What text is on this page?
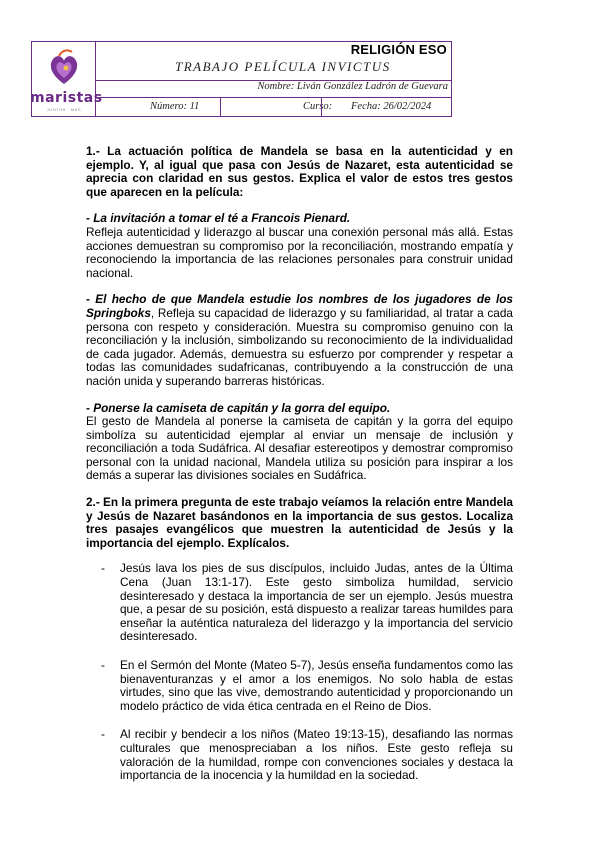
maristas
JUNTOS · MÁS
RELIGIÓN ESO
TRABAJO PELÍCULA INVICTUS
Nombre: Liván González Ladrón de Guevara
Número: 11	Curso:	Fecha: 26/02/2024

1.- La actuación política de Mandela se basa en la autenticidad y en ejemplo. Y, al igual que pasa con Jesús de Nazaret, esta autenticidad se aprecia con claridad en sus gestos. Explica el valor de estos tres gestos que aparecen en la película:

- La invitación a tomar el té a Francois Pienard.
Refleja autenticidad y liderazgo al buscar una conexión personal más allá. Estas acciones demuestran su compromiso por la reconciliación, mostrando empatía y reconociendo la importancia de las relaciones personales para construir unidad nacional.

- El hecho de que Mandela estudie los nombres de los jugadores de los Springboks, Refleja su capacidad de liderazgo y su familiaridad, al tratar a cada persona con respeto y consideración. Muestra su compromiso genuino con la reconciliación y la inclusión, simbolizando su reconocimiento de la individualidad de cada jugador. Además, demuestra su esfuerzo por comprender y respetar a todas las comunidades sudafricanas, contribuyendo a la construcción de una nación unida y superando barreras históricas.

- Ponerse la camiseta de capitán y la gorra del equipo.
El gesto de Mandela al ponerse la camiseta de capitán y la gorra del equipo simbolíza su autenticidad ejemplar al enviar un mensaje de inclusión y reconciliación a toda Sudáfrica. Al desafiar estereotipos y demostrar compromiso personal con la unidad nacional, Mandela utiliza su posición para inspirar a los demás a superar las divisiones sociales en Sudáfrica.

2.- En la primera pregunta de este trabajo veíamos la relación entre Mandela y Jesús de Nazaret basándonos en la importancia de sus gestos. Localiza tres pasajes evangélicos que muestren la autenticidad de Jesús y la importancia del ejemplo. Explícalos.

- Jesús lava los pies de sus discípulos, incluido Judas, antes de la Última Cena (Juan 13:1-17). Este gesto simboliza humildad, servicio desinteresado y destaca la importancia de ser un ejemplo. Jesús muestra que, a pesar de su posición, está dispuesto a realizar tareas humildes para enseñar la auténtica naturaleza del liderazgo y la importancia del servicio desinteresado.
- En el Sermón del Monte (Mateo 5-7), Jesús enseña fundamentos como las bienaventuranzas y el amor a los enemigos. No solo habla de estas virtudes, sino que las vive, demostrando autenticidad y proporcionando un modelo práctico de vida ética centrada en el Reino de Dios.
- Al recibir y bendecir a los niños (Mateo 19:13-15), desafiando las normas culturales que menospreciaban a los niños. Este gesto refleja su valoración de la humildad, rompe con convenciones sociales y destaca la importancia de la inocencia y la humildad en la sociedad.
